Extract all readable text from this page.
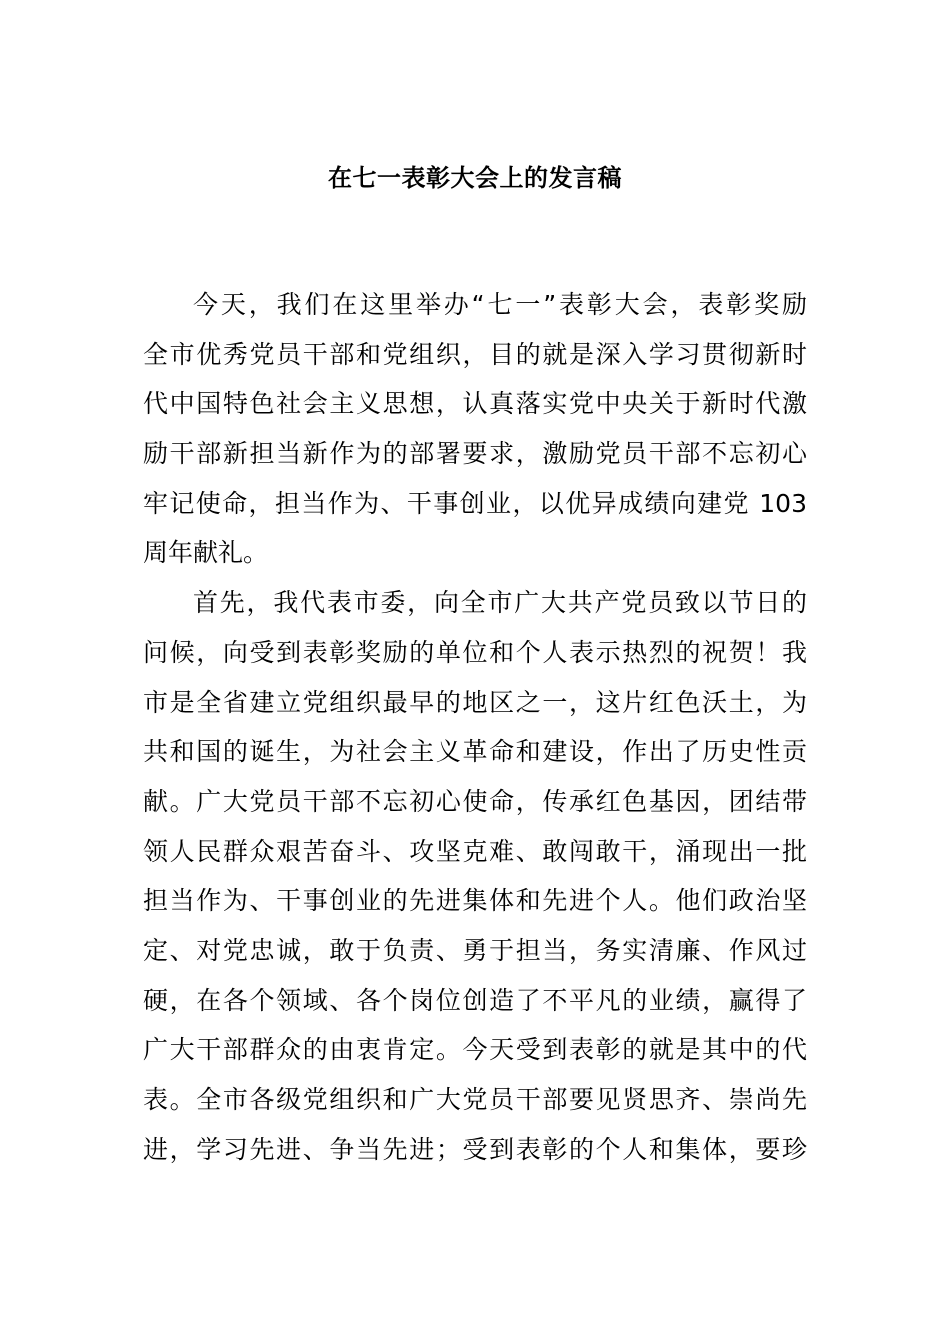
在七一表彰大会上的发言稿
今天，我们在这里举办“七一”表彰大会，表彰奖励
全市优秀党员干部和党组织，目的就是深入学习贯彻新时
代中国特色社会主义思想，认真落实党中央关于新时代激
励干部新担当新作为的部署要求，激励党员干部不忘初心
牢记使命，担当作为、干事创业，以优异成绩向建党 103
周年献礼。
首先，我代表市委，向全市广大共产党员致以节日的
问候，向受到表彰奖励的单位和个人表示热烈的祝贺！我
市是全省建立党组织最早的地区之一，这片红色沃土，为
共和国的诞生，为社会主义革命和建设，作出了历史性贡
献。广大党员干部不忘初心使命，传承红色基因，团结带
领人民群众艰苦奋斗、攻坚克难、敢闯敢干，涌现出一批
担当作为、干事创业的先进集体和先进个人。他们政治坚
定、对党忠诚，敢于负责、勇于担当，务实清廉、作风过
硬，在各个领域、各个岗位创造了不平凡的业绩，赢得了
广大干部群众的由衷肯定。今天受到表彰的就是其中的代
表。全市各级党组织和广大党员干部要见贤思齐、崇尚先
进，学习先进、争当先进；受到表彰的个人和集体，要珍
